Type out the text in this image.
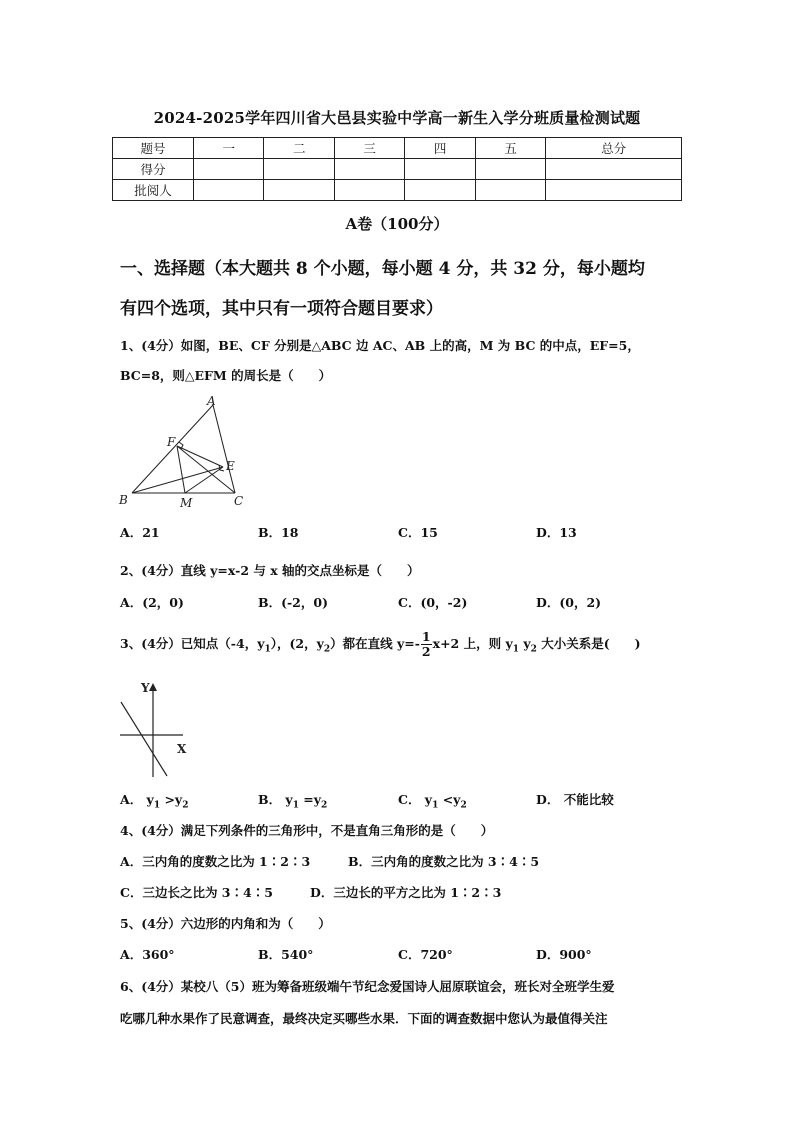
2024-2025学年四川省大邑县实验中学高一新生入学分班质量检测试题
题号	一	二	三	四	五	总分
得分						
批阅人						
A卷（100分）
一、选择题（本大题共 8 个小题，每小题 4 分，共 32 分，每小题均
有四个选项，其中只有一项符合题目要求）
1、(4分）如图，BE、CF 分别是△ABC 边 AC、AB 上的高，M 为 BC 的中点，EF=5，
BC=8，则△EFM 的周长是（　　）
A
B	C
E
F
M
A．21	B．18	C．15	D．13
2、(4分）直线 y=x-2 与 x 轴的交点坐标是（　　）
A．(2，0)	B．(-2，0)	C．(0，-2)	D．(0，2)
3、(4分）已知点（-4，$y_1$），(2，$y_2$）都在直线 $y=- \frac{1}{2} x+2$ 上，则 $y_1$ $y_2$ 大小关系是(　　)
Y
X
A． $y_1 >y_2$	B． $y_1 =y_2$	C． $y_1 <y_2$	D． 不能比较
4、(4分）满足下列条件的三角形中，不是直角三角形的是（　　）
A．三内角的度数之比为 1∶2∶3	B．三内角的度数之比为 3∶4∶5
C．三边长之比为 3∶4∶5	D．三边长的平方之比为 1∶2∶3
5、(4分）六边形的内角和为（　　）
A．360°	B．540°	C．720°	D．900°
6、(4分）某校八（5）班为筹备班级端午节纪念爱国诗人屈原联谊会，班长对全班学生爱
吃哪几种水果作了民意调查，最终决定买哪些水果．下面的调查数据中您认为最值得关注
